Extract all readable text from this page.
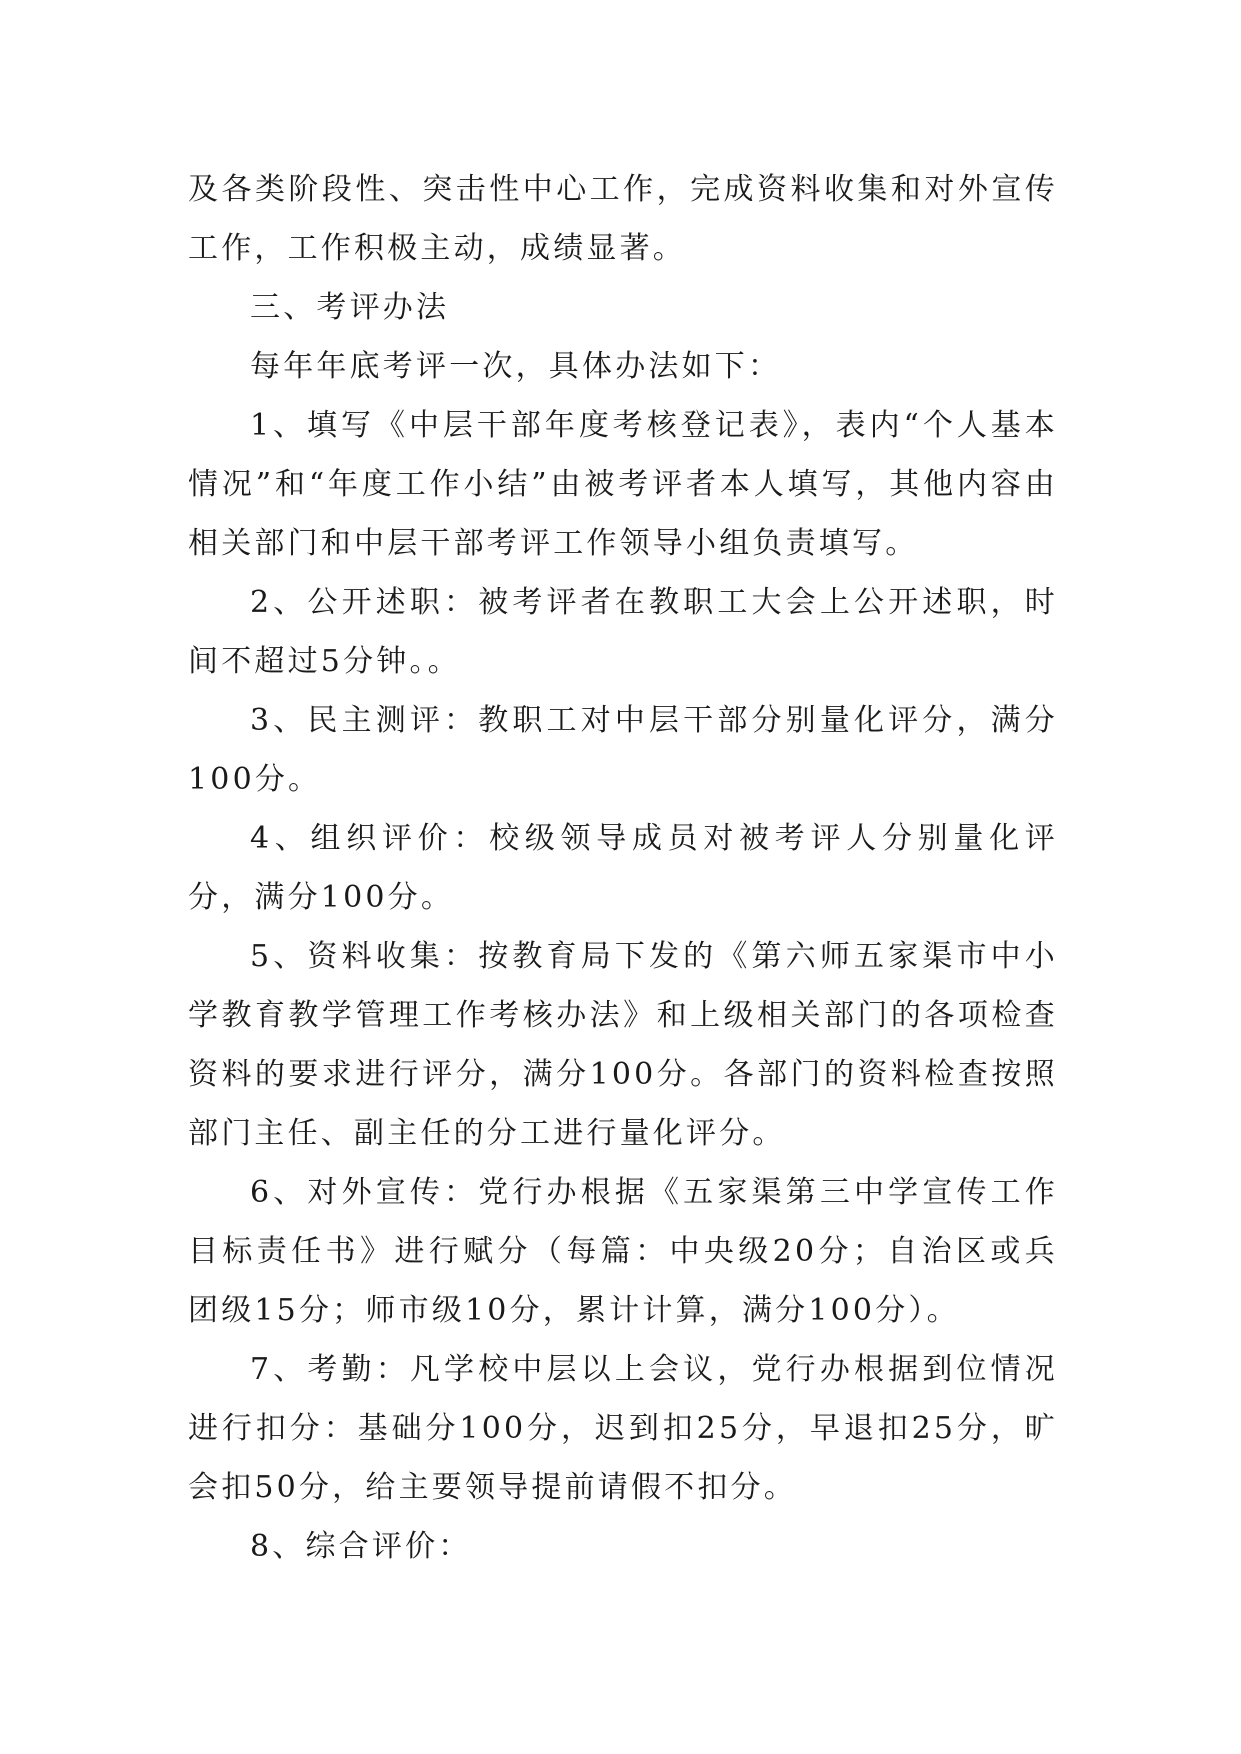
及各类阶段性、突击性中心工作，完成资料收集和对外宣传工作，工作积极主动，成绩显著。

三、考评办法

每年年底考评一次，具体办法如下：

1、填写《中层干部年度考核登记表》，表内“个人基本情况”和“年度工作小结”由被考评者本人填写，其他内容由相关部门和中层干部考评工作领导小组负责填写。

2、公开述职：被考评者在教职工大会上公开述职，时间不超过5分钟。。

3、民主测评：教职工对中层干部分别量化评分，满分100分。

4、组织评价：校级领导成员对被考评人分别量化评分，满分100分。

5、资料收集：按教育局下发的《第六师五家渠市中小学教育教学管理工作考核办法》和上级相关部门的各项检查资料的要求进行评分，满分100分。各部门的资料检查按照部门主任、副主任的分工进行量化评分。

6、对外宣传：党行办根据《五家渠第三中学宣传工作目标责任书》进行赋分（每篇：中央级20分；自治区或兵团级15分；师市级10分，累计计算，满分100分）。

7、考勤：凡学校中层以上会议，党行办根据到位情况进行扣分：基础分100分，迟到扣25分，早退扣25分，旷会扣50分，给主要领导提前请假不扣分。

8、综合评价：
